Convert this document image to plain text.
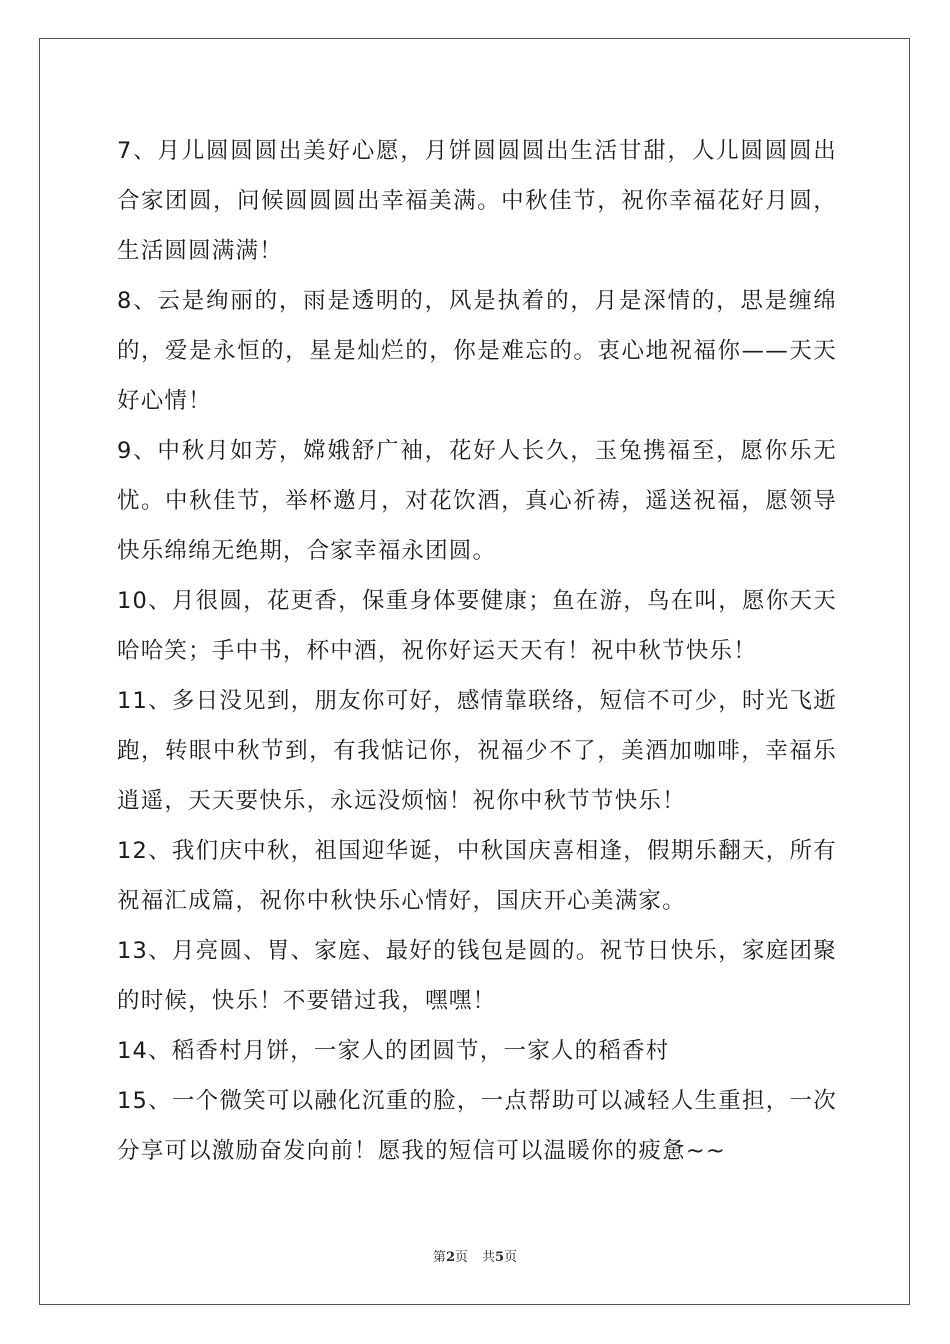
7、月儿圆圆圆出美好心愿，月饼圆圆圆出生活甘甜，人儿圆圆圆出合家团圆，问候圆圆圆出幸福美满。中秋佳节，祝你幸福花好月圆，生活圆圆满满！

8、云是绚丽的，雨是透明的，风是执着的，月是深情的，思是缠绵的，爱是永恒的，星是灿烂的，你是难忘的。衷心地祝福你——天天好心情！

9、中秋月如芳，嫦娥舒广袖，花好人长久，玉兔携福至，愿你乐无忧。中秋佳节，举杯邀月，对花饮酒，真心祈祷，遥送祝福，愿领导快乐绵绵无绝期，合家幸福永团圆。

10、月很圆，花更香，保重身体要健康；鱼在游，鸟在叫，愿你天天哈哈笑；手中书，杯中酒，祝你好运天天有！祝中秋节快乐！

11、多日没见到，朋友你可好，感情靠联络，短信不可少，时光飞逝跑，转眼中秋节到，有我惦记你，祝福少不了，美酒加咖啡，幸福乐逍遥，天天要快乐，永远没烦恼！祝你中秋节节快乐！

12、我们庆中秋，祖国迎华诞，中秋国庆喜相逢，假期乐翻天，所有祝福汇成篇，祝你中秋快乐心情好，国庆开心美满家。

13、月亮圆、胃、家庭、最好的钱包是圆的。祝节日快乐，家庭团聚的时候，快乐！不要错过我，嘿嘿！

14、稻香村月饼，一家人的团圆节，一家人的稻香村

15、一个微笑可以融化沉重的脸，一点帮助可以减轻人生重担，一次分享可以激励奋发向前！愿我的短信可以温暖你的疲惫~~

第2页 共5页
